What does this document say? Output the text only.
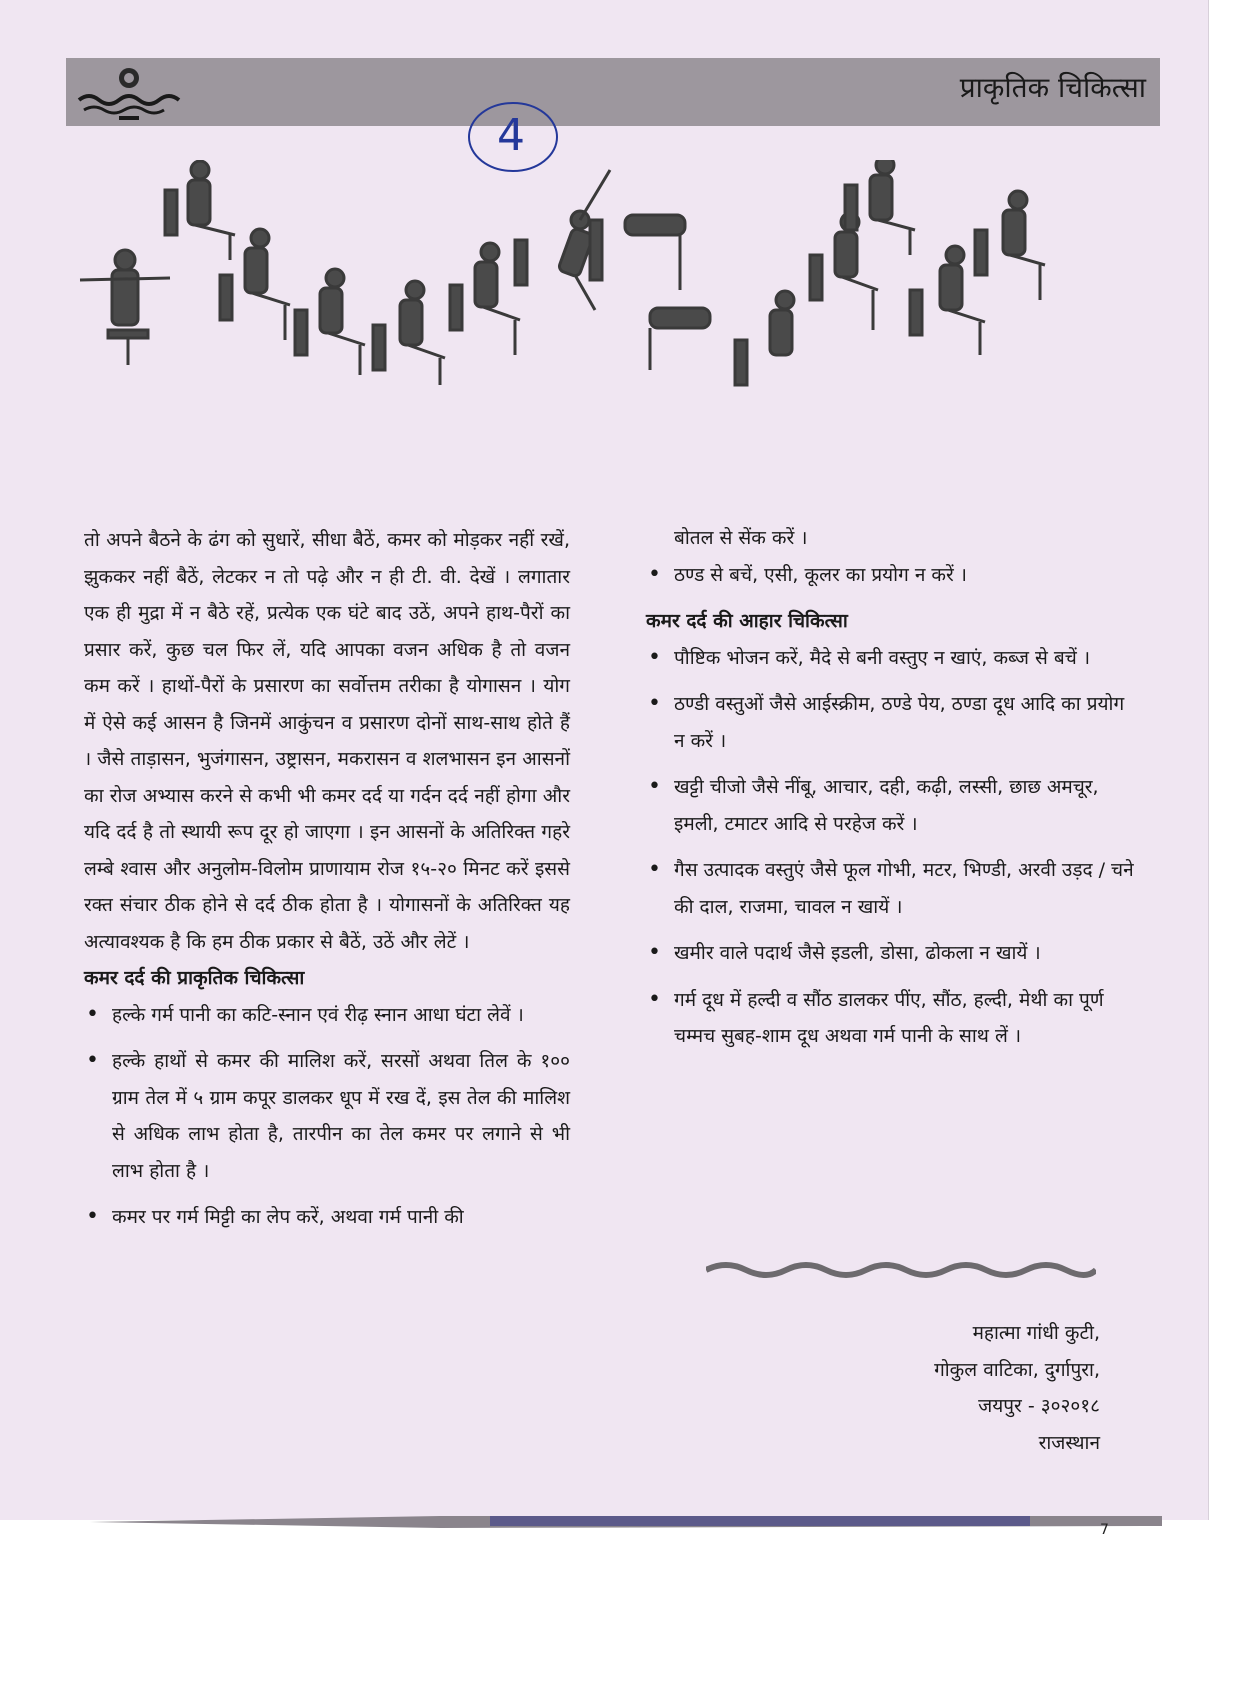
प्राकृतिक चिकित्सा
4

तो अपने बैठने के ढंग को सुधारें, सीधा बैठें, कमर को मोड़कर नहीं रखें, झुककर नहीं बैठें, लेटकर न तो पढ़े और न ही टी. वी. देखें । लगातार एक ही मुद्रा में न बैठे रहें, प्रत्येक एक घंटे बाद उठें, अपने हाथ-पैरों का प्रसार करें, कुछ चल फिर लें, यदि आपका वजन अधिक है तो वजन कम करें । हाथों-पैरों के प्रसारण का सर्वोत्तम तरीका है योगासन । योग में ऐसे कई आसन है जिनमें आकुंचन व प्रसारण दोनों साथ-साथ होते हैं । जैसे ताड़ासन, भुजंगासन, उष्ट्रासन, मकरासन व शलभासन इन आसनों का रोज अभ्यास करने से कभी भी कमर दर्द या गर्दन दर्द नहीं होगा और यदि दर्द है तो स्थायी रूप दूर हो जाएगा । इन आसनों के अतिरिक्त गहरे लम्बे श्वास और अनुलोम-विलोम प्राणायाम रोज १५-२० मिनट करें इससे रक्त संचार ठीक होने से दर्द ठीक होता है । योगासनों के अतिरिक्त यह अत्यावश्यक है कि हम ठीक प्रकार से बैठें, उठें और लेटें ।

कमर दर्द की प्राकृतिक चिकित्सा

• हल्के गर्म पानी का कटि-स्नान एवं रीढ़ स्नान आधा घंटा लेवें ।
• हल्के हाथों से कमर की मालिश करें, सरसों अथवा तिल के १०० ग्राम तेल में ५ ग्राम कपूर डालकर धूप में रख दें, इस तेल की मालिश से अधिक लाभ होता है, तारपीन का तेल कमर पर लगाने से भी लाभ होता है ।
• कमर पर गर्म मिट्टी का लेप करें, अथवा गर्म पानी की

बोतल से सेंक करें ।

• ठण्ड से बचें, एसी, कूलर का प्रयोग न करें ।

कमर दर्द की आहार चिकित्सा

• पौष्टिक भोजन करें, मैदे से बनी वस्तुए न खाएं, कब्ज से बचें ।
• ठण्डी वस्तुओं जैसे आईस्क्रीम, ठण्डे पेय, ठण्डा दूध आदि का प्रयोग न करें ।
• खट्टी चीजो जैसे नींबू, आचार, दही, कढ़ी, लस्सी, छाछ अमचूर, इमली, टमाटर आदि से परहेज करें ।
• गैस उत्पादक वस्तुएं जैसे फूल गोभी, मटर, भिण्डी, अरवी उड़द / चने की दाल, राजमा, चावल न खायें ।
• खमीर वाले पदार्थ जैसे इडली, डोसा, ढोकला न खायें ।
• गर्म दूध में हल्दी व सौंठ डालकर पींए, सौंठ, हल्दी, मेथी का पूर्ण चम्मच सुबह-शाम दूध अथवा गर्म पानी के साथ लें ।
महात्मा गांधी कुटी,
गोकुल वाटिका, दुर्गापुरा,
जयपुर - ३०२०१८
राजस्थान
7
